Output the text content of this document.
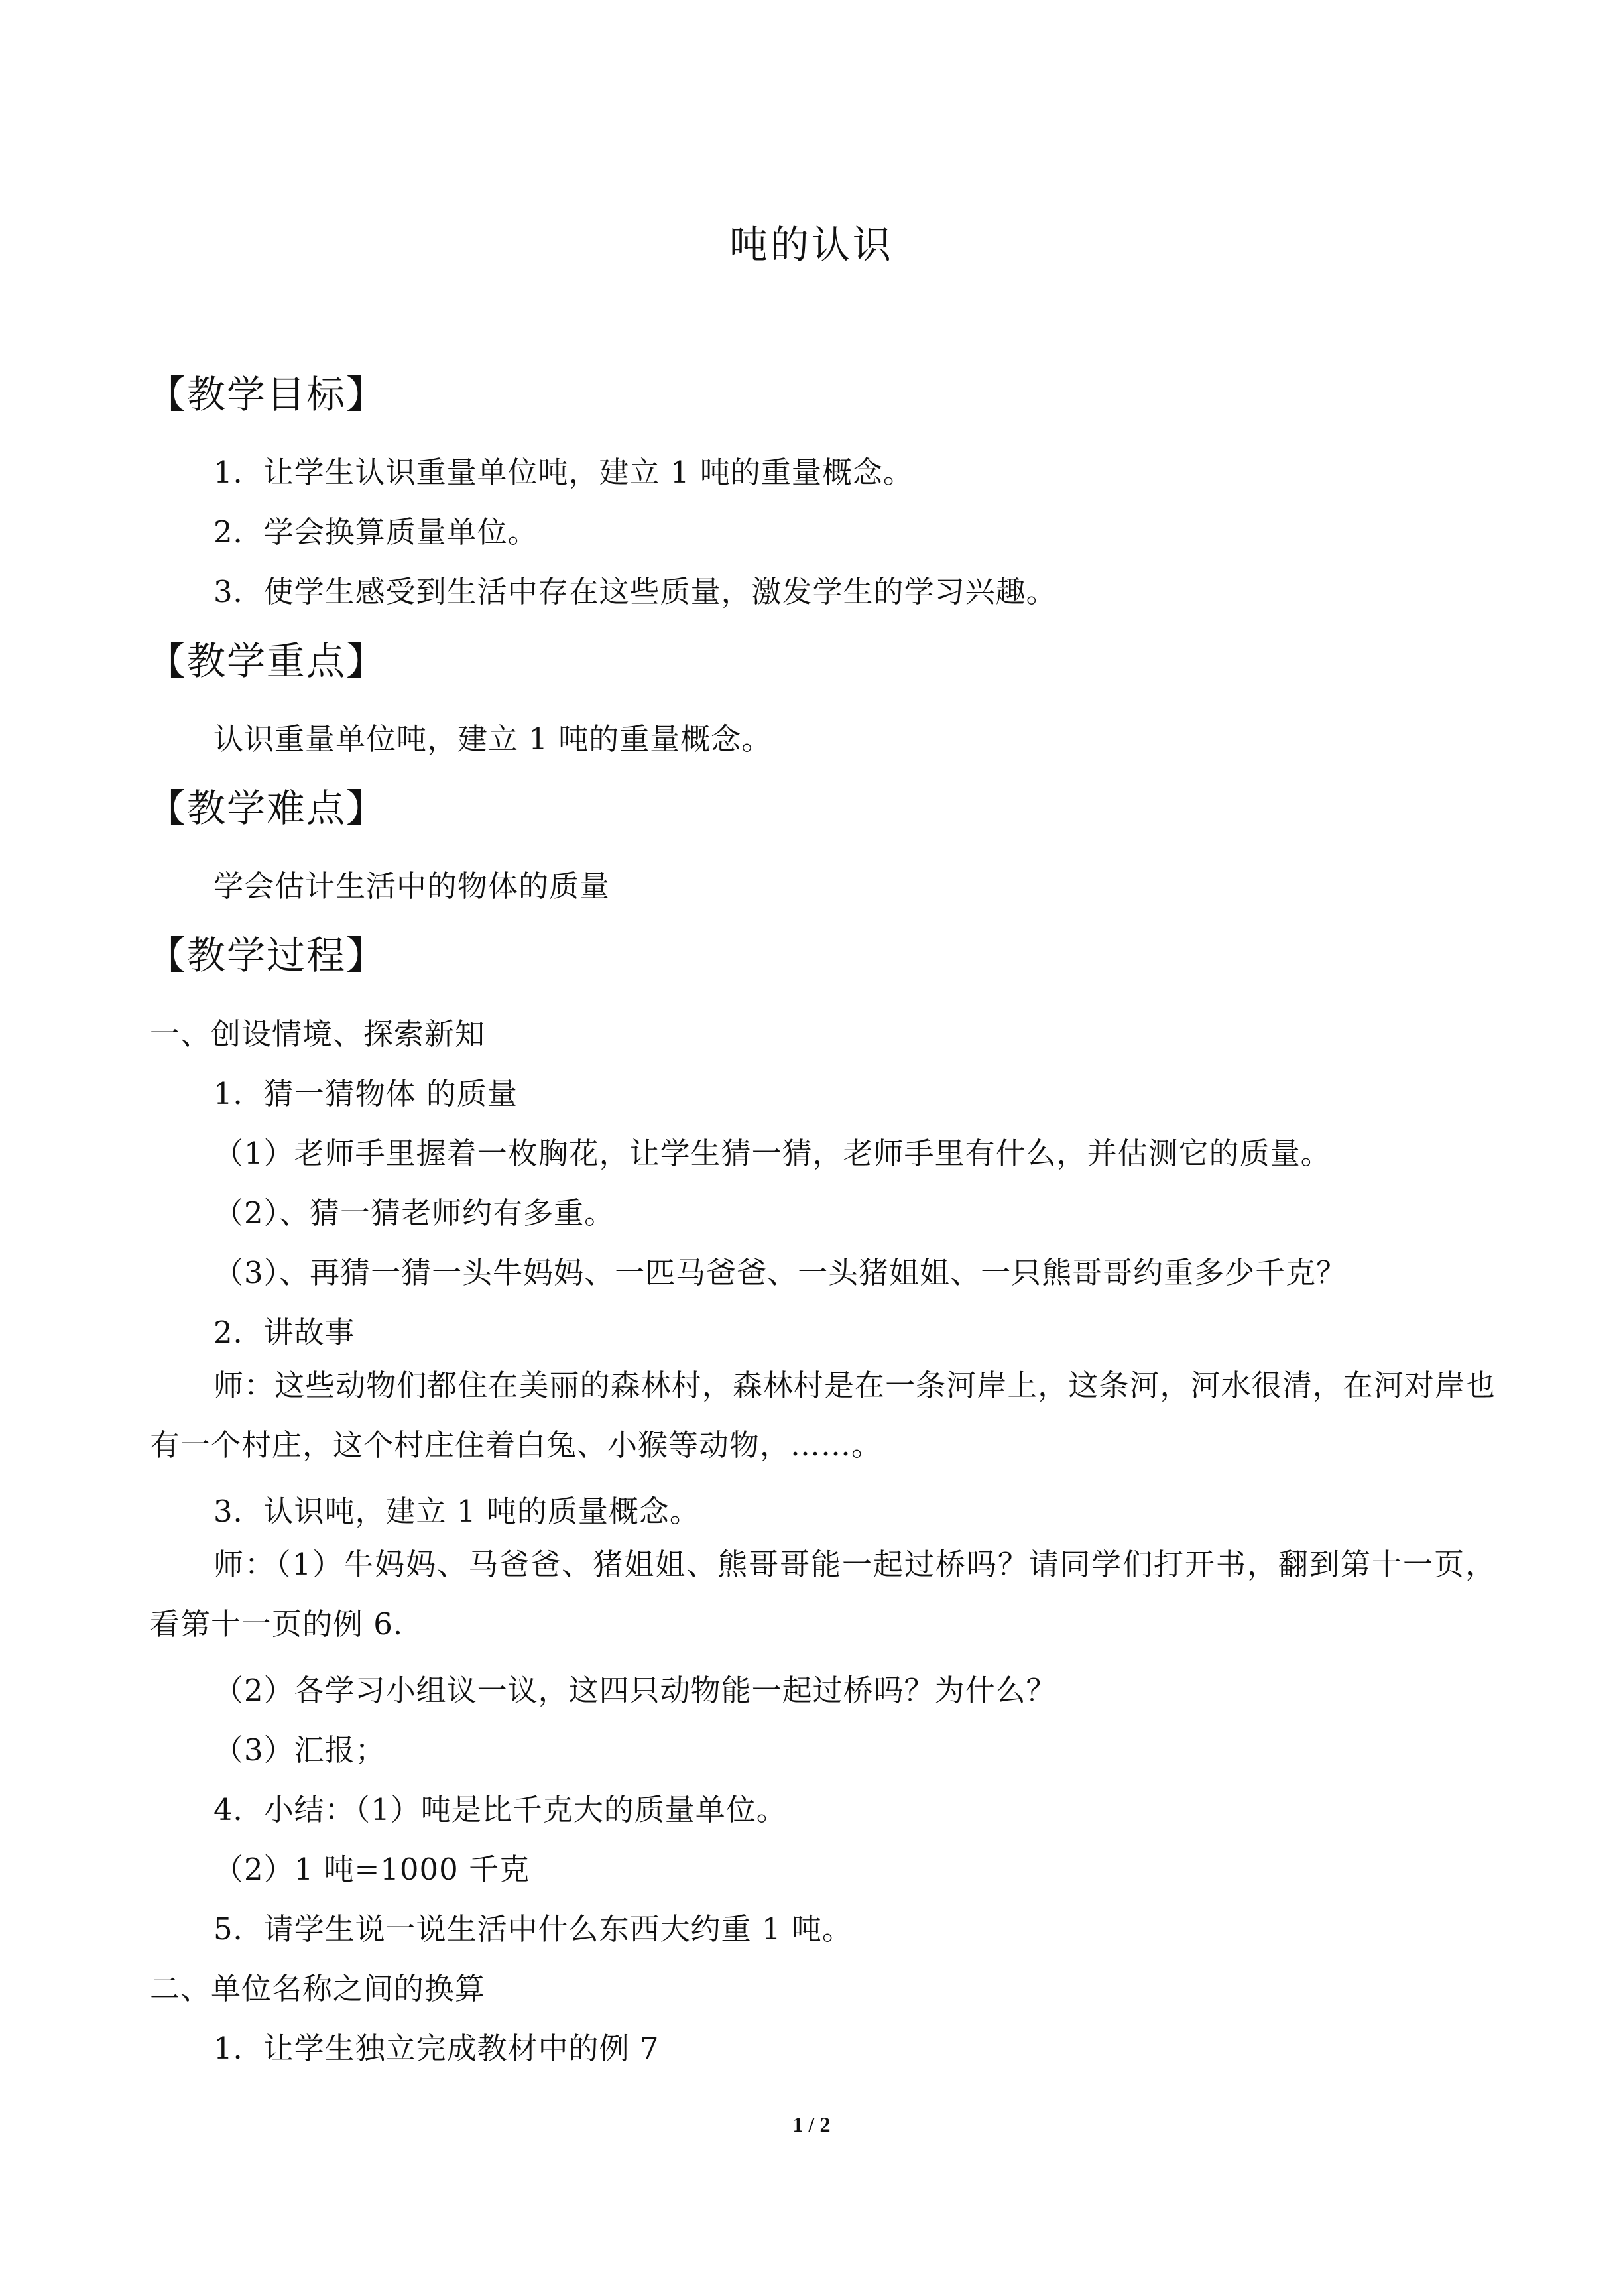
吨的认识
【教学目标】
1．让学生认识重量单位吨，建立 1 吨的重量概念。
2．学会换算质量单位。
3．使学生感受到生活中存在这些质量，激发学生的学习兴趣。
【教学重点】
认识重量单位吨，建立 1 吨的重量概念。
【教学难点】
学会估计生活中的物体的质量
【教学过程】
一、创设情境、探索新知
1．猜一猜物体 的质量
（1）老师手里握着一枚胸花，让学生猜一猜，老师手里有什么，并估测它的质量。
（2）、猜一猜老师约有多重。
（3）、再猜一猜一头牛妈妈、一匹马爸爸、一头猪姐姐、一只熊哥哥约重多少千克？
2．讲故事
师：这些动物们都住在美丽的森林村，森林村是在一条河岸上，这条河，河水很清，在河对岸也有一个村庄，这个村庄住着白兔、小猴等动物，……。
3．认识吨，建立 1 吨的质量概念。
师：（1）牛妈妈、马爸爸、猪姐姐、熊哥哥能一起过桥吗？请同学们打开书，翻到第十一页，看第十一页的例 6.
（2）各学习小组议一议，这四只动物能一起过桥吗？为什么？
（3）汇报；
4．小结：（1）吨是比千克大的质量单位。
（2）1 吨=1000 千克
5．请学生说一说生活中什么东西大约重 1 吨。
二、单位名称之间的换算
1．让学生独立完成教材中的例 7
1 / 2
